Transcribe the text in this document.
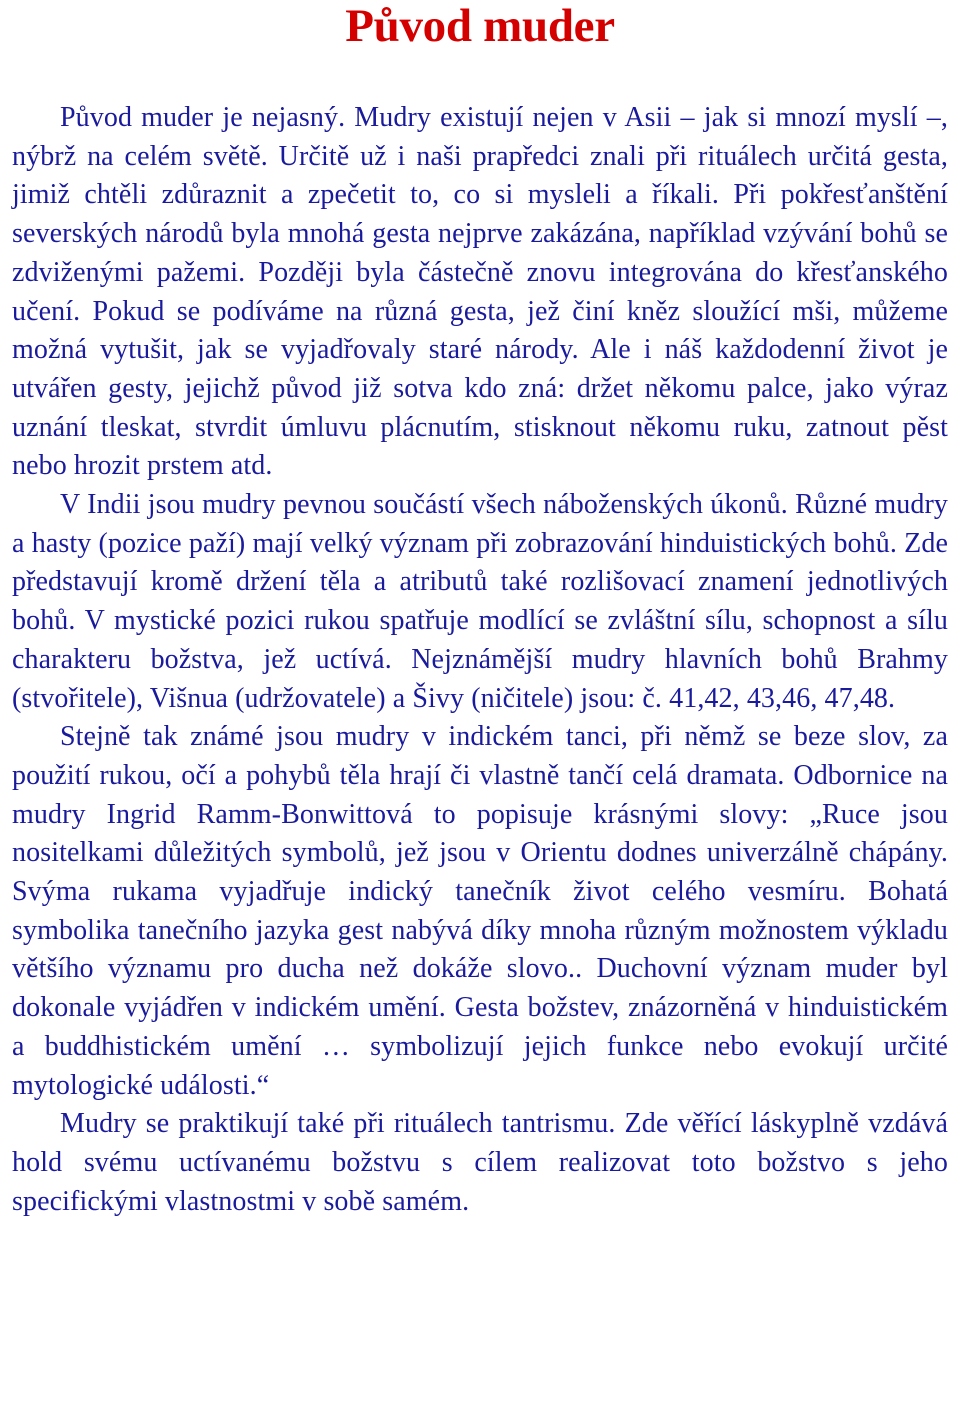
Původ muder

Původ muder je nejasný. Mudry existují nejen v Asii – jak si mnozí myslí –, nýbrž na celém světě. Určitě už i naši prapředci znali při rituálech určitá gesta, jimiž chtěli zdůraznit a zpečetit to, co si mysleli a říkali. Při pokřesťanštění severských národů byla mnohá gesta nejprve zakázána, například vzývání bohů se zdviženými pažemi. Později byla částečně znovu integrována do křesťanského učení. Pokud se podíváme na různá gesta, jež činí kněz sloužící mši, můžeme možná vytušit, jak se vyjadřovaly staré národy. Ale i náš každodenní život je utvářen gesty, jejichž původ již sotva kdo zná: držet někomu palce, jako výraz uznání tleskat, stvrdit úmluvu plácnutím, stisknout někomu ruku, zatnout pěst nebo hrozit prstem atd.

V Indii jsou mudry pevnou součástí všech náboženských úkonů. Různé mudry a hasty (pozice paží) mají velký význam při zobrazování hinduistických bohů. Zde představují kromě držení těla a atributů také rozlišovací znamení jednotlivých bohů. V mystické pozici rukou spatřuje modlící se zvláštní sílu, schopnost a sílu charakteru božstva, jež uctívá. Nejznámější mudry hlavních bohů Brahmy (stvořitele), Višnua (udržovatele) a Šivy (ničitele) jsou: č. 41,42, 43,46, 47,48.

Stejně tak známé jsou mudry v indickém tanci, při němž se beze slov, za použití rukou, očí a pohybů těla hrají či vlastně tančí celá dramata. Odbornice na mudry Ingrid Ramm-Bonwittová to popisuje krásnými slovy: „Ruce jsou nositelkami důležitých symbolů, jež jsou v Orientu dodnes univerzálně chápány. Svýma rukama vyjadřuje indický tanečník život celého vesmíru. Bohatá symbolika tanečního jazyka gest nabývá díky mnoha různým možnostem výkladu většího významu pro ducha než dokáže slovo.. Duchovní význam muder byl dokonale vyjádřen v indickém umění. Gesta božstev, znázorněná v hinduistickém a buddhistickém umění … symbolizují jejich funkce nebo evokují určité mytologické události.“

Mudry se praktikují také při rituálech tantrismu. Zde věřící láskyplně vzdává hold svému uctívanému božstvu s cílem realizovat toto božstvo s jeho specifickými vlastnostmi v sobě samém.
